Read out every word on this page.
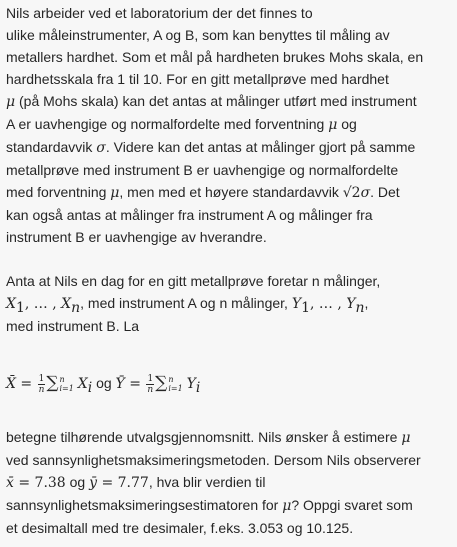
Nils arbeider ved et laboratorium der det finnes to
ulike måleinstrumenter, A og B, som kan benyttes til måling av
metallers hardhet. Som et mål på hardheten brukes Mohs skala, en
hardhetsskala fra 1 til 10. For en gitt metallprøve med hardhet
μ (på Mohs skala) kan det antas at målinger utført med instrument
A er uavhengige og normalfordelte med forventning μ og
standardavvik σ. Videre kan det antas at målinger gjort på samme
metallprøve med instrument B er uavhengige og normalfordelte
med forventning μ, men med et høyere standardavvik √2σ. Det
kan også antas at målinger fra instrument A og målinger fra
instrument B er uavhengige av hverandre.

Anta at Nils en dag for en gitt metallprøve foretar n målinger,
$X_1$, … , $X_n$, med instrument A og n målinger, $Y_1$, … , $Y_n$,
med instrument B. La

X̄ = $\frac{1}{n}$ ∑ n
i=1 $X_i$ og Ȳ = $\frac{1}{n}$ ∑ n
i=1 $Y_i$

betegne tilhørende utvalgsgjennomsnitt. Nils ønsker å estimere μ
ved sannsynlighetsmaksimeringsmetoden. Dersom Nils observerer
x̄ = 7.38 og ȳ = 7.77, hva blir verdien til
sannsynlighetsmaksimeringsestimatoren for μ? Oppgi svaret som
et desimaltall med tre desimaler, f.eks. 3.053 og 10.125.
